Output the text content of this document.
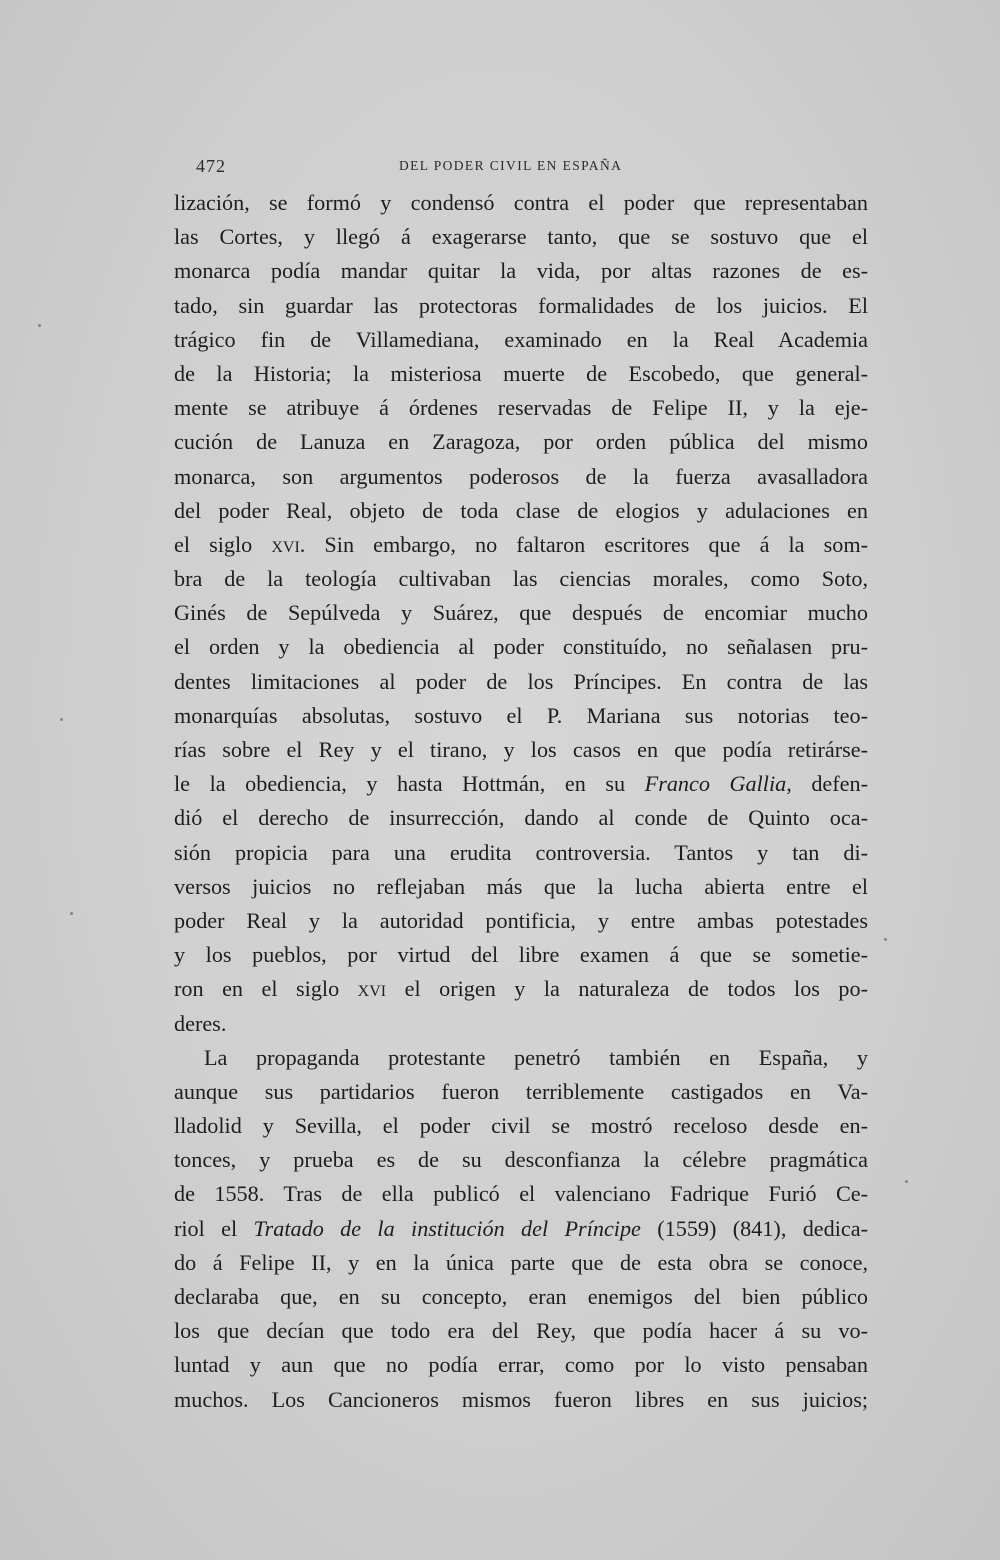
472	DEL PODER CIVIL EN ESPAÑA
lización, se formó y condensó contra el poder que representaban
las Cortes, y llegó á exagerarse tanto, que se sostuvo que el
monarca podía mandar quitar la vida, por altas razones de es-
tado, sin guardar las protectoras formalidades de los juicios. El
trágico fin de Villamediana, examinado en la Real Academia
de la Historia; la misteriosa muerte de Escobedo, que general-
mente se atribuye á órdenes reservadas de Felipe II, y la eje-
cución de Lanuza en Zaragoza, por orden pública del mismo
monarca, son argumentos poderosos de la fuerza avasalladora
del poder Real, objeto de toda clase de elogios y adulaciones en
el siglo xvi. Sin embargo, no faltaron escritores que á la som-
bra de la teología cultivaban las ciencias morales, como Soto,
Ginés de Sepúlveda y Suárez, que después de encomiar mucho
el orden y la obediencia al poder constituído, no señalasen pru-
dentes limitaciones al poder de los Príncipes. En contra de las
monarquías absolutas, sostuvo el P. Mariana sus notorias teo-
rías sobre el Rey y el tirano, y los casos en que podía retirárse-
le la obediencia, y hasta Hottmán, en su Franco Gallia, defen-
dió el derecho de insurrección, dando al conde de Quinto oca-
sión propicia para una erudita controversia. Tantos y tan di-
versos juicios no reflejaban más que la lucha abierta entre el
poder Real y la autoridad pontificia, y entre ambas potestades
y los pueblos, por virtud del libre examen á que se sometie-
ron en el siglo xvi el origen y la naturaleza de todos los po-
deres.
La propaganda protestante penetró también en España, y
aunque sus partidarios fueron terriblemente castigados en Va-
lladolid y Sevilla, el poder civil se mostró receloso desde en-
tonces, y prueba es de su desconfianza la célebre pragmática
de 1558. Tras de ella publicó el valenciano Fadrique Furió Ce-
riol el Tratado de la institución del Príncipe (1559) (841), dedica-
do á Felipe II, y en la única parte que de esta obra se conoce,
declaraba que, en su concepto, eran enemigos del bien público
los que decían que todo era del Rey, que podía hacer á su vo-
luntad y aun que no podía errar, como por lo visto pensaban
muchos. Los Cancioneros mismos fueron libres en sus juicios;
